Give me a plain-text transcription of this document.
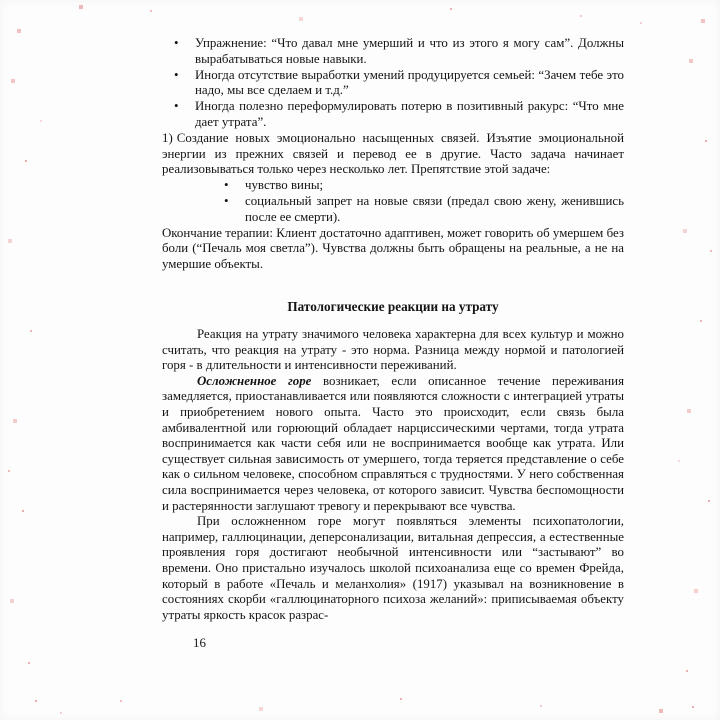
•	Упражнение: “Что давал мне умерший и что из этого я могу сам”. Должны вырабатываться новые навыки.
•	Иногда отсутствие выработки умений продуцируется семьей: “Зачем тебе это надо, мы все сделаем и т.д.”
•	Иногда полезно переформулировать потерю в позитивный ракурс: “Что мне дает утрата”.

1) Создание новых эмоционально насыщенных связей. Изъятие эмоциональной энергии из прежних связей и перевод ее в другие. Часто задача начинает реализовываться только через несколько лет. Препятствие этой задаче:

•	чувство вины;
•	социальный запрет на новые связи (предал свою жену, женившись после ее смерти).

Окончание терапии: Клиент достаточно адаптивен, может говорить об умершем без боли (“Печаль моя светла”). Чувства должны быть обращены на реальные, а не на умершие объекты.

Патологические реакции на утрату

Реакция на утрату значимого человека характерна для всех культур и можно считать, что реакция на утрату - это норма. Разница между нормой и патологией горя - в длительности и интенсивности переживаний.

Осложненное горе возникает, если описанное течение переживания замедляется, приостанавливается или появляются сложности с интеграцией утраты и приобретением нового опыта. Часто это происходит, если связь была амбивалентной или горюющий обладает нарциссическими чертами, тогда утрата воспринимается как части себя или не воспринимается вообще как утрата. Или существует сильная зависимость от умершего, тогда теряется представление о себе как о сильном человеке, способном справляться с трудностями. У него собственная сила воспринимается через человека, от которого зависит. Чувства беспомощности и растерянности заглушают тревогу и перекрывают все чувства.

При осложненном горе могут появляться элементы психопатологии, например, галлюцинации, деперсонализации, витальная депрессия, а естественные проявления горя достигают необычной интенсивности или “застывают” во времени. Оно пристально изучалось школой психоанализа еще со времен Фрейда, который в работе «Печаль и меланхолия» (1917) указывал на возникновение в состояниях скорби «галлюцинаторного психоза желаний»: приписываемая объекту утраты яркость красок разрас-

16
